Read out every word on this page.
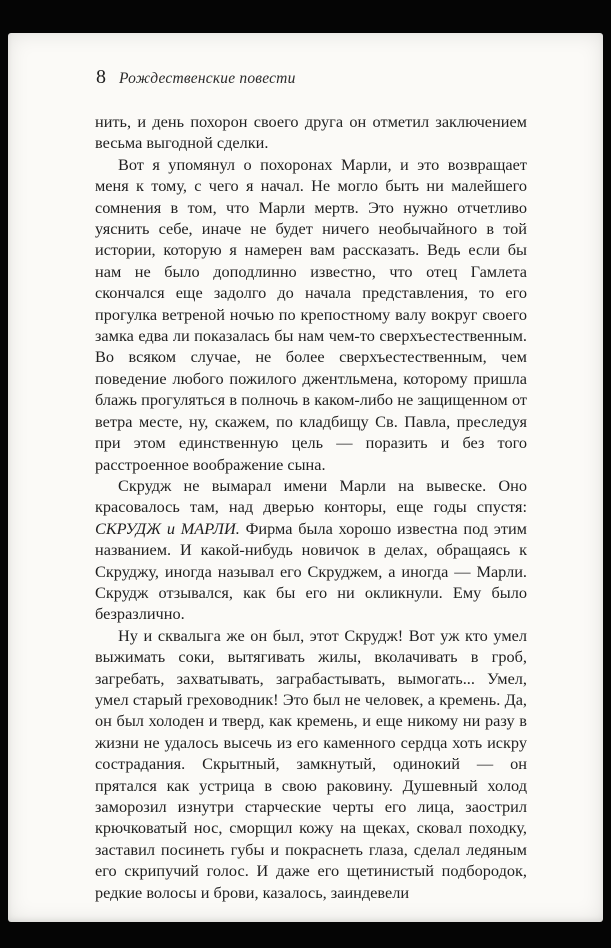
8 Рождественские повести

нить, и день похорон своего друга он отметил заключением весьма выгодной сделки.

Вот я упомянул о похоронах Марли, и это возвращает меня к тому, с чего я начал. Не могло быть ни малейшего сомнения в том, что Марли мертв. Это нужно отчетливо уяснить себе, иначе не будет ничего необычайного в той истории, которую я намерен вам рассказать. Ведь если бы нам не было доподлинно известно, что отец Гамлета скончался еще задолго до начала представления, то его прогулка ветреной ночью по крепостному валу вокруг своего замка едва ли показалась бы нам чем-то сверхъестественным. Во всяком случае, не более сверхъестественным, чем поведение любого пожилого джентльмена, которому пришла блажь прогуляться в полночь в каком-либо не защищенном от ветра месте, ну, скажем, по кладбищу Св. Павла, преследуя при этом единственную цель — поразить и без того расстроенное воображение сына.

Скрудж не вымарал имени Марли на вывеске. Оно красовалось там, над дверью конторы, еще годы спустя: СКРУДЖ и МАРЛИ. Фирма была хорошо известна под этим названием. И какой-нибудь новичок в делах, обращаясь к Скруджу, иногда называл его Скруджем, а иногда — Марли. Скрудж отзывался, как бы его ни окликнули. Ему было безразлично.

Ну и сквалыга же он был, этот Скрудж! Вот уж кто умел выжимать соки, вытягивать жилы, вколачивать в гроб, загребать, захватывать, заграбастывать, вымогать... Умел, умел старый греховодник! Это был не человек, а кремень. Да, он был холоден и тверд, как кремень, и еще никому ни разу в жизни не удалось высечь из его каменного сердца хоть искру сострадания. Скрытный, замкнутый, одинокий — он прятался как устрица в свою раковину. Душевный холод заморозил изнутри старческие черты его лица, заострил крючковатый нос, сморщил кожу на щеках, сковал походку, заставил посинеть губы и покраснеть глаза, сделал ледяным его скрипучий голос. И даже его щетинистый подбородок, редкие волосы и брови, казалось, заиндевели
